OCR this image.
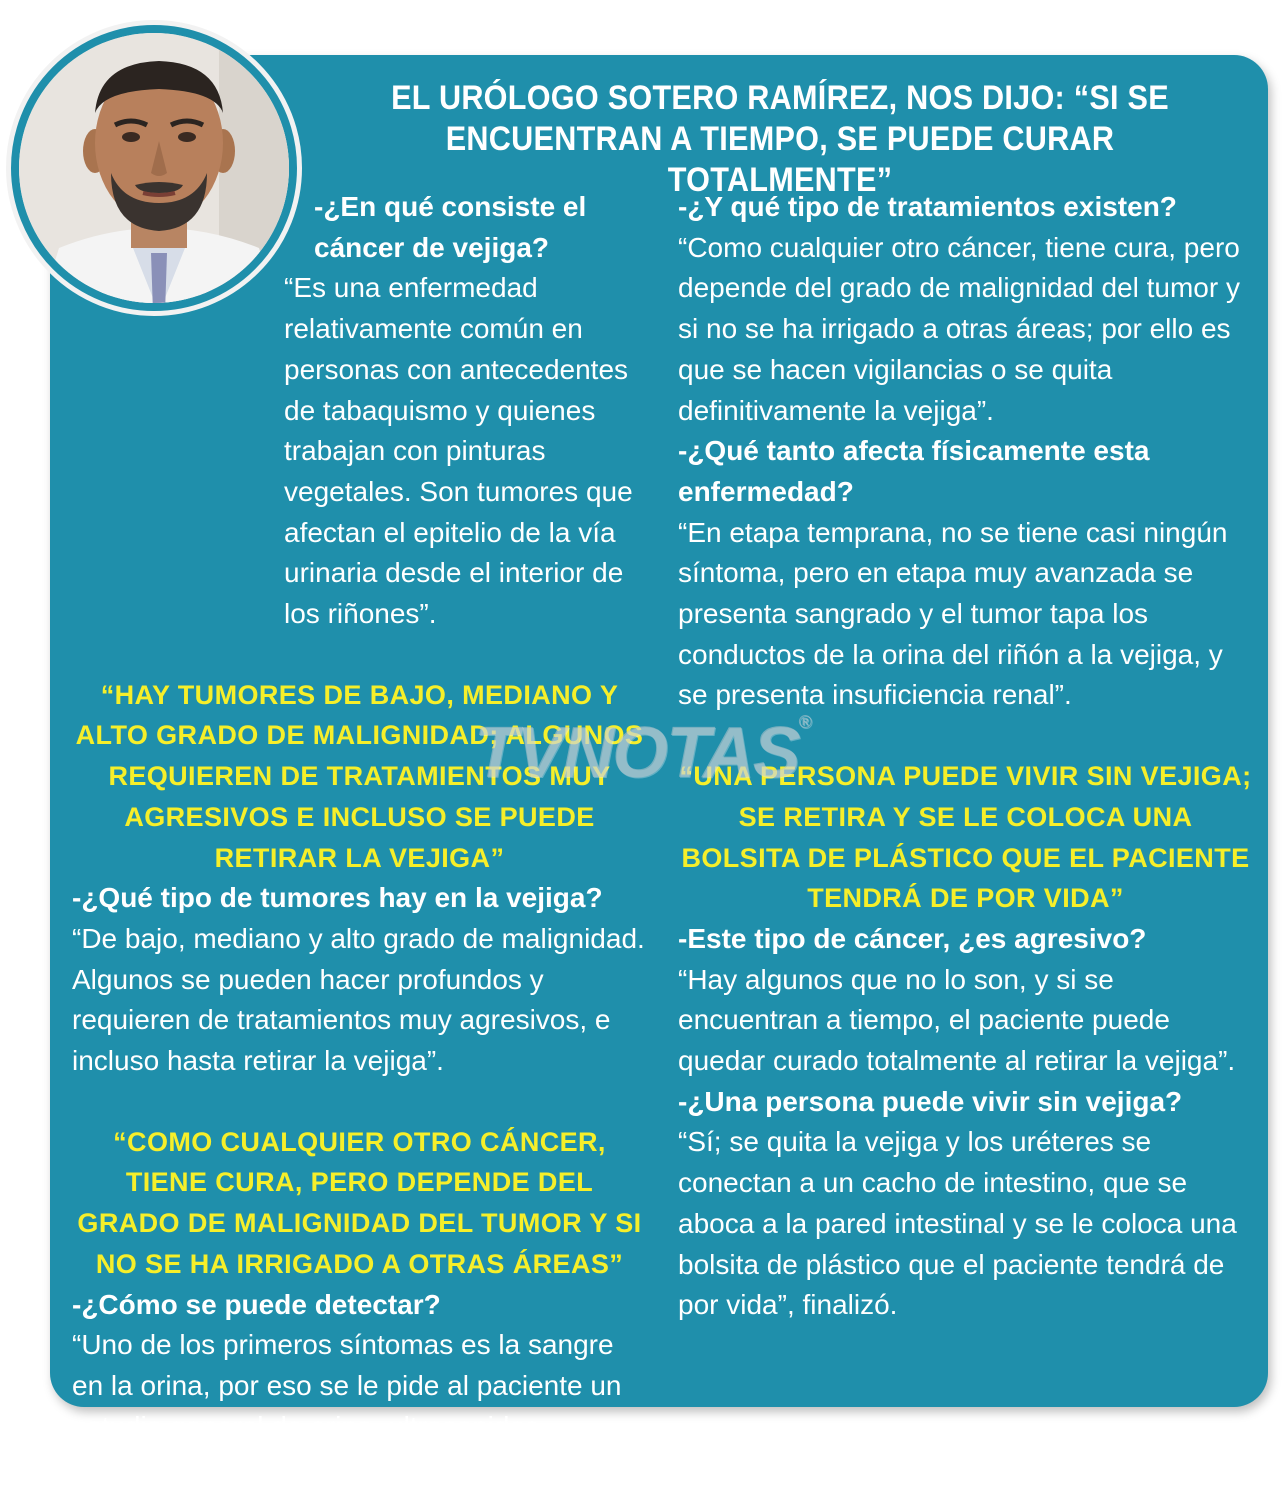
EL URÓLOGO SOTERO RAMÍREZ, NOS DIJO: “SI SE ENCUENTRAN A TIEMPO, SE PUEDE CURAR TOTALMENTE”

-¿En qué consiste el cáncer de vejiga?

“Es una enfermedad relativamente común en personas con antecedentes de tabaquismo y quienes trabajan con pinturas vegetales. Son tumores que afectan el epitelio de la vía urinaria desde el interior de los riñones”.

“HAY TUMORES DE BAJO, MEDIANO Y ALTO GRADO DE MALIGNIDAD; ALGUNOS REQUIEREN DE TRATAMIENTOS MUY AGRESIVOS E INCLUSO SE PUEDE RETIRAR LA VEJIGA”

-¿Qué tipo de tumores hay en la vejiga?

“De bajo, mediano y alto grado de malignidad. Algunos se pueden hacer profundos y requieren de tratamientos muy agresivos, e incluso hasta retirar la vejiga”.

“COMO CUALQUIER OTRO CÁNCER, TIENE CURA, PERO DEPENDE DEL GRADO DE MALIGNIDAD DEL TUMOR Y SI NO SE HA IRRIGADO A OTRAS ÁREAS”

-¿Cómo se puede detectar?

“Uno de los primeros síntomas es la sangre en la orina, por eso se le pide al paciente un estudio general de orina, ultrasonidos, tomografías y una endoscopía”.

-¿Y qué tipo de tratamientos existen?

“Como cualquier otro cáncer, tiene cura, pero depende del grado de malignidad del tumor y si no se ha irrigado a otras áreas; por ello es que se hacen vigilancias o se quita definitivamente la vejiga”.

-¿Qué tanto afecta físicamente esta enfermedad?

“En etapa temprana, no se tiene casi ningún síntoma, pero en etapa muy avanzada se presenta sangrado y el tumor tapa los conductos de la orina del riñón a la vejiga, y se presenta insuficiencia renal”.

“UNA PERSONA PUEDE VIVIR SIN VEJIGA; SE RETIRA Y SE LE COLOCA UNA BOLSITA DE PLÁSTICO QUE EL PACIENTE TENDRÁ DE POR VIDA”

-Este tipo de cáncer, ¿es agresivo?

“Hay algunos que no lo son, y si se encuentran a tiempo, el paciente puede quedar curado totalmente al retirar la vejiga”.

-¿Una persona puede vivir sin vejiga?

“Sí; se quita la vejiga y los uréteres se conectan a un cacho de intestino, que se aboca a la pared intestinal y se le coloca una bolsita de plástico que el paciente tendrá de por vida”, finalizó.

TVNOTAS®
